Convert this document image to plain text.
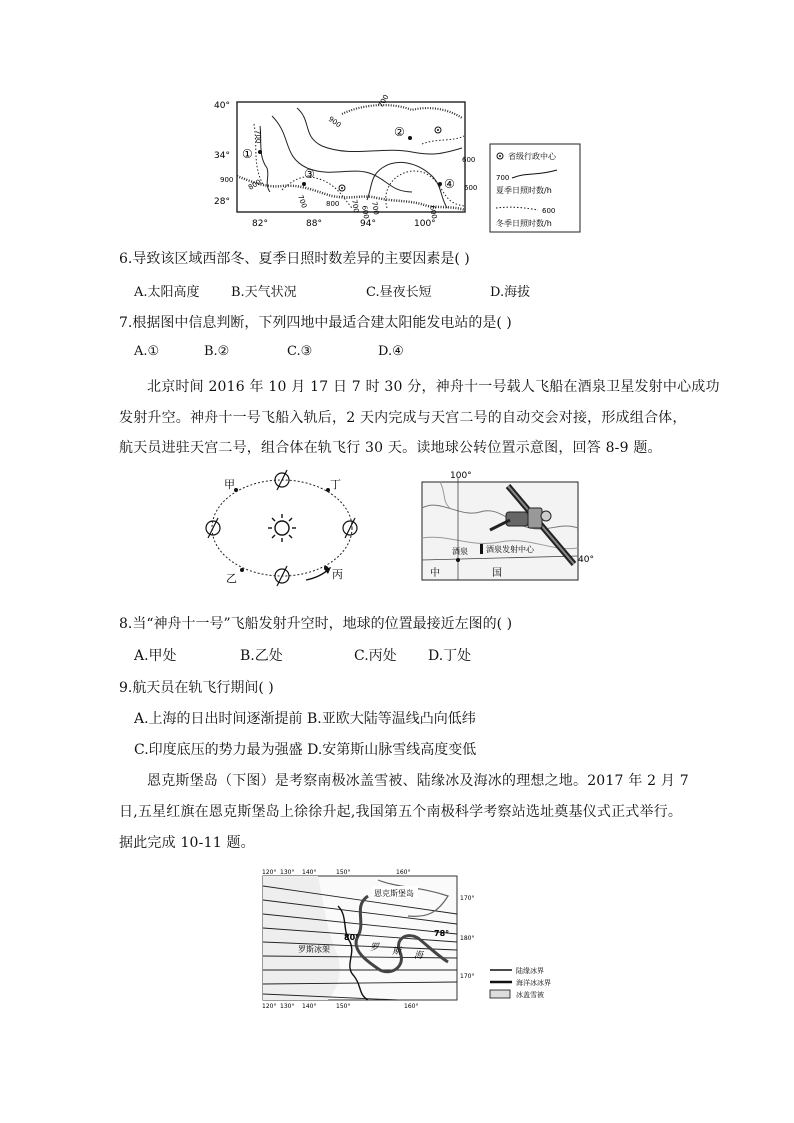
40°
34°
28°
82°	88°	94°	100°
900
700
700
600
900
600
800
700	800 700 600 700	600
①
②
③
④
省级行政中心
700
夏季日照时数/h
600
冬季日照时数/h
6.导致该区域西部冬、夏季日照时数差异的主要因素是( )
A.太阳高度 B.天气状况	C.昼夜长短	D.海拔
7.根据图中信息判断，下列四地中最适合建太阳能发电站的是( )
A.①	B.②	C.③	D.④
北京时间 2016 年 10 月 17 日 7 时 30 分，神舟十一号载人飞船在酒泉卫星发射中心成功
发射升空。神舟十一号飞船入轨后，2 天内完成与天宫二号的自动交会对接，形成组合体，
航天员进驻天宫二号，组合体在轨飞行 30 天。读地球公转位置示意图，回答 8-9 题。
甲
乙	丙
丁
100°
40°
酒泉 酒泉发射中心
中	国
8.当“神舟十一号”飞船发射升空时，地球的位置最接近左图的( )
A.甲处	B.乙处	C.丙处 D.丁处
9.航天员在轨飞行期间( )
A.上海的日出时间逐渐提前 B.亚欧大陆等温线凸向低纬
C.印度底压的势力最为强盛 D.安第斯山脉雪线高度变低
恩克斯堡岛（下图）是考察南极冰盖雪被、陆缘冰及海冰的理想之地。2017 年 2 月 7
日,五星红旗在恩克斯堡岛上徐徐升起,我国第五个南极科学考察站选址奠基仪式正式举行。
据此完成 10-11 题。
120° 130° 140°	150°	160°
120° 130° 140°	150°	160°
170°
180°
170°
恩克斯堡岛
罗斯冰架	罗 斯 海
80°	78°
陆缘冰界
海洋冰冰界
冰盖雪被
